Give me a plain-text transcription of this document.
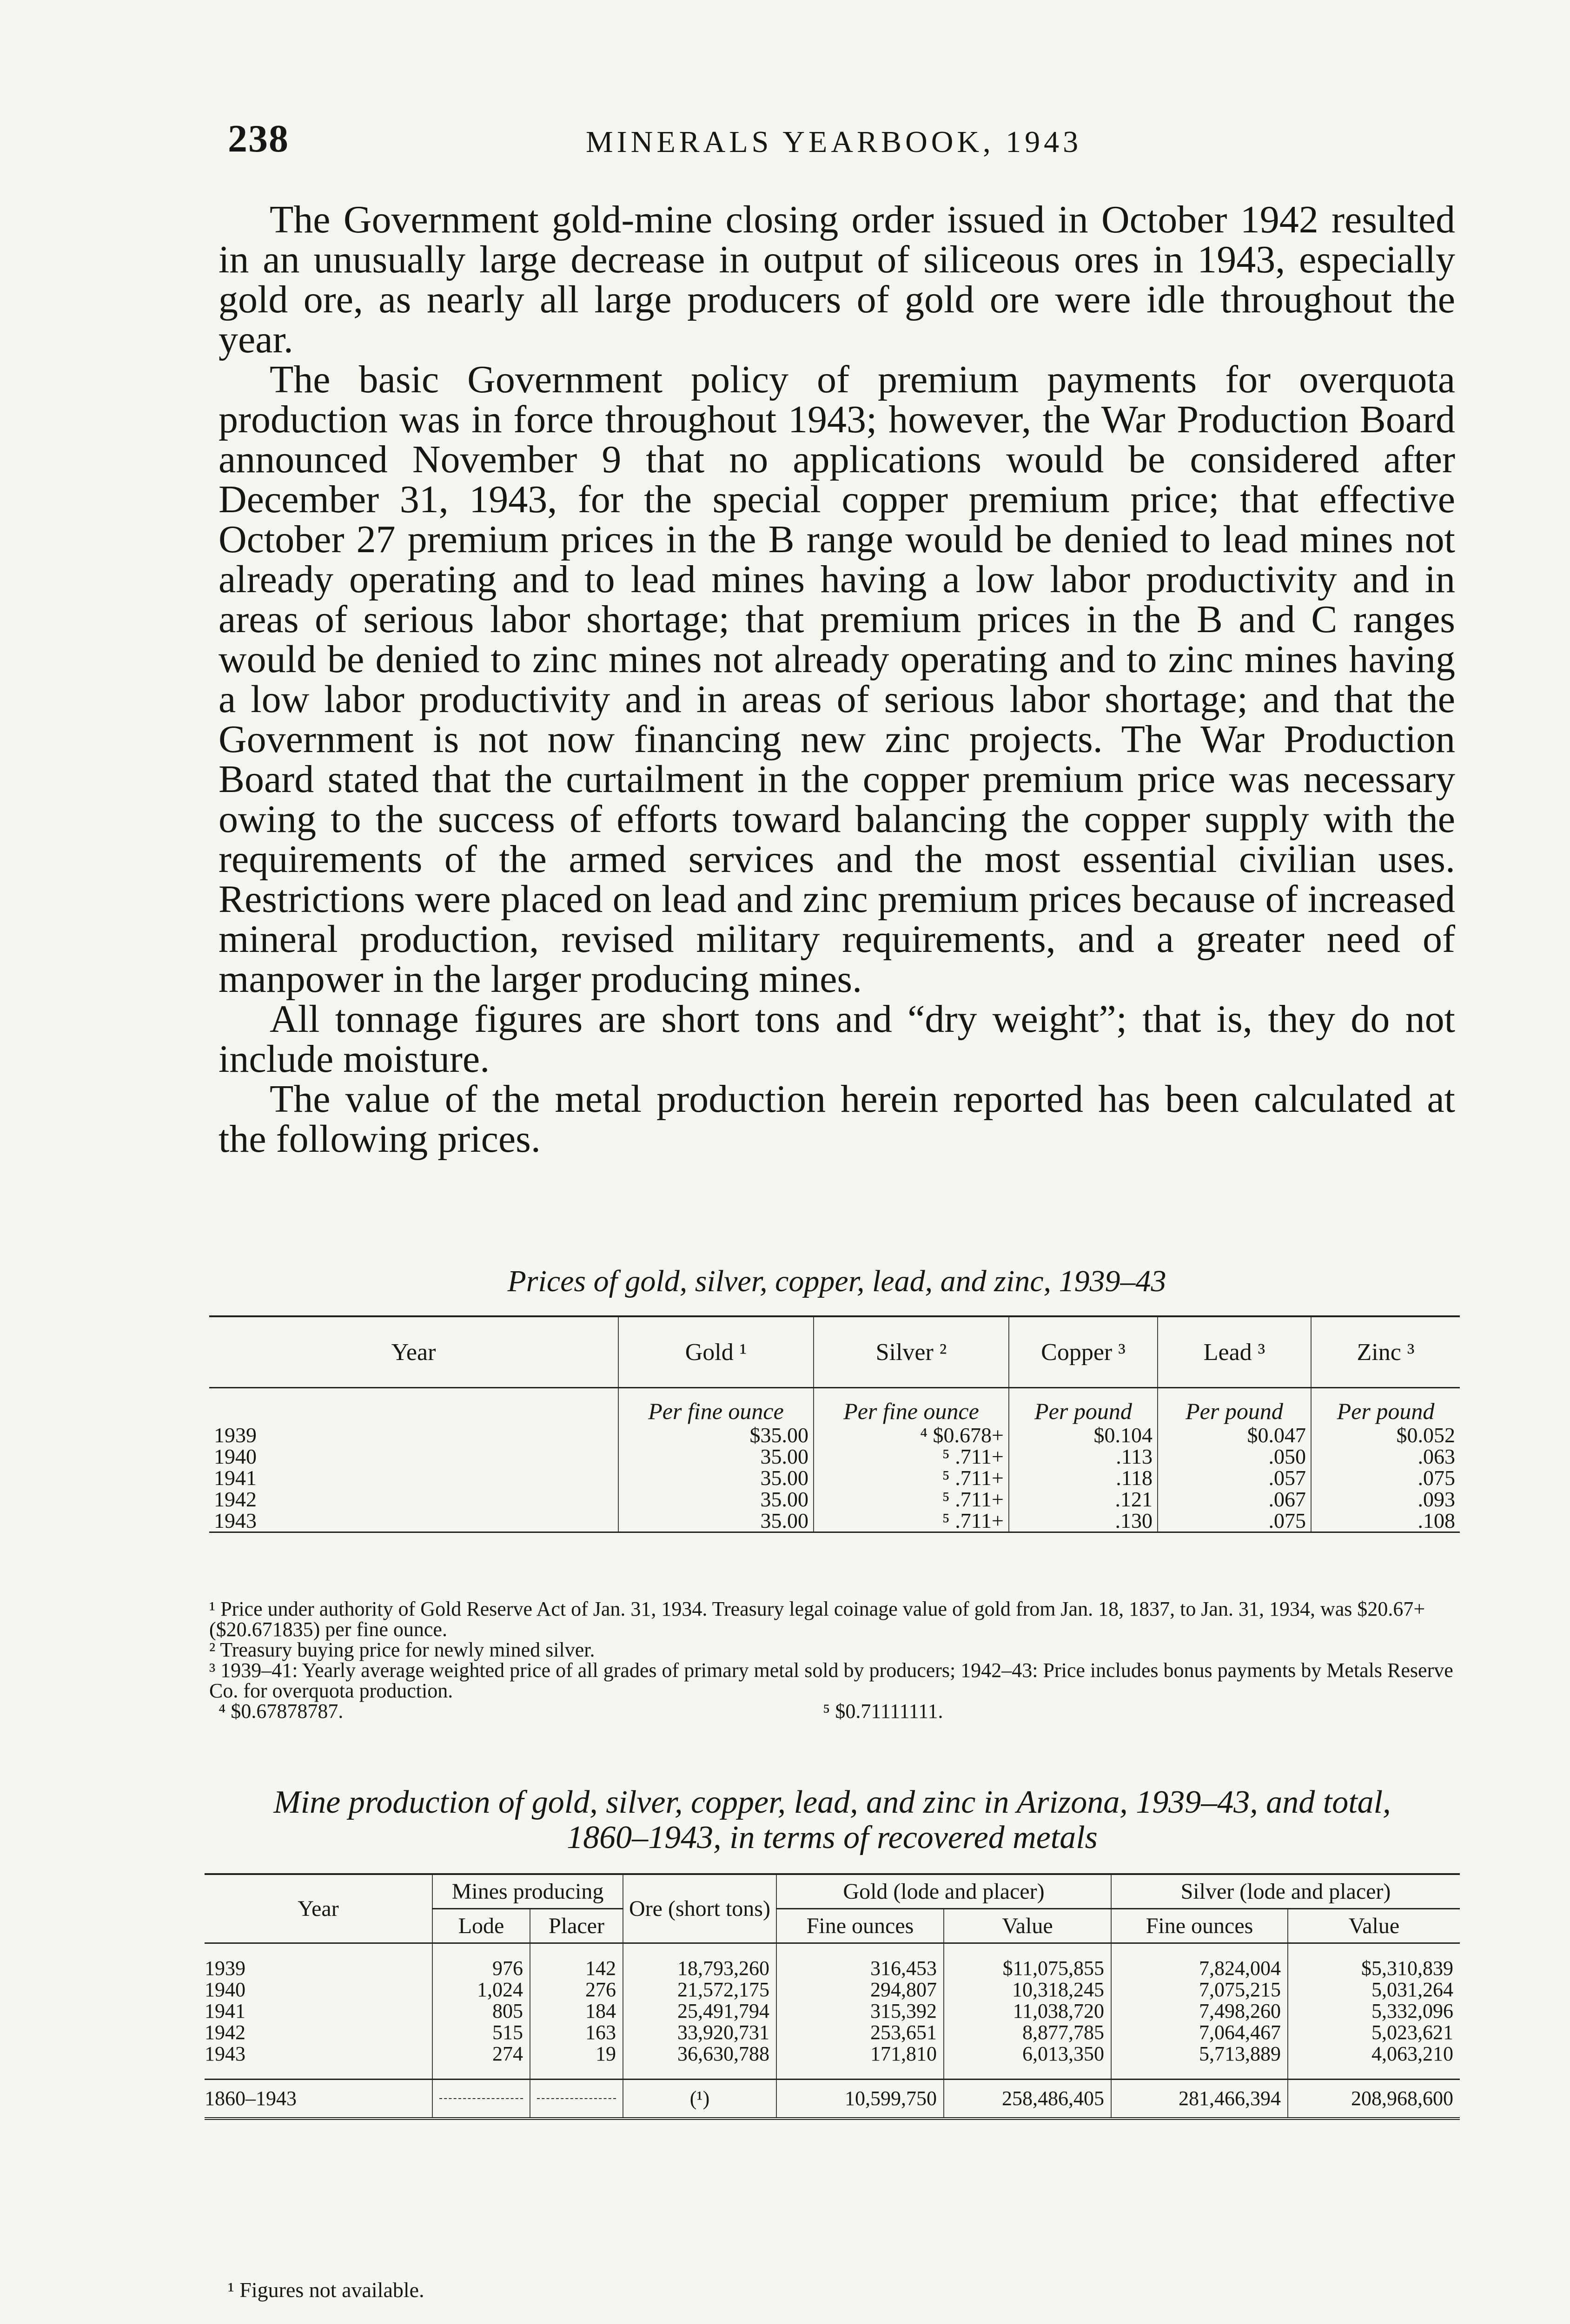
238	MINERALS YEARBOOK, 1943

The Government gold-mine closing order issued in October 1942 resulted in an unusually large decrease in output of siliceous ores in 1943, especially gold ore, as nearly all large producers of gold ore were idle throughout the year.

The basic Government policy of premium payments for overquota production was in force throughout 1943; however, the War Production Board announced November 9 that no applications would be considered after December 31, 1943, for the special copper premium price; that effective October 27 premium prices in the B range would be denied to lead mines not already operating and to lead mines having a low labor productivity and in areas of serious labor shortage; that premium prices in the B and C ranges would be denied to zinc mines not already operating and to zinc mines having a low labor productivity and in areas of serious labor shortage; and that the Government is not now financing new zinc projects. The War Production Board stated that the curtailment in the copper premium price was necessary owing to the success of efforts toward balancing the copper supply with the requirements of the armed services and the most essential civilian uses. Restrictions were placed on lead and zinc premium prices because of increased mineral production, revised military requirements, and a greater need of manpower in the larger producing mines.

All tonnage figures are short tons and “dry weight”; that is, they do not include moisture.

The value of the metal production herein reported has been calculated at the following prices.

Prices of gold, silver, copper, lead, and zinc, 1939–43
Year	Gold ¹	Silver ²	Copper ³	Lead ³	Zinc ³
	Per fine ounce	Per fine ounce	Per pound	Per pound	Per pound
1939	$35.00	⁴ $0.678+	$0.104	$0.047	$0.052
1940	35.00	⁵ .711+	.113	.050	.063
1941	35.00	⁵ .711+	.118	.057	.075
1942	35.00	⁵ .711+	.121	.067	.093
1943	35.00	⁵ .711+	.130	.075	.108

¹ Price under authority of Gold Reserve Act of Jan. 31, 1934. Treasury legal coinage value of gold from Jan. 18, 1837, to Jan. 31, 1934, was $20.67+($20.671835) per fine ounce.
² Treasury buying price for newly mined silver.
³ 1939–41: Yearly average weighted price of all grades of primary metal sold by producers; 1942–43: Price includes bonus payments by Metals Reserve Co. for overquota production.
⁴ $0.67878787.	⁵ $0.71111111.
Mine production of gold, silver, copper, lead, and zinc in Arizona, 1939–43, and total,
1860–1943, in terms of recovered metals
Year	Mines producing		Ore (short tons)	Gold (lode and placer)		Silver (lode and placer)	
	Lode	Placer		Fine ounces	Value	Fine ounces	Value

1939	976	142	18,793,260	316,453	$11,075,855	7,824,004	$5,310,839
1940	1,024	276	21,572,175	294,807	10,318,245	7,075,215	5,031,264
1941	805	184	25,491,794	315,392	11,038,720	7,498,260	5,332,096
1942	515	163	33,920,731	253,651	8,877,785	7,064,467	5,023,621
1943	274	19	36,630,788	171,810	6,013,350	5,713,889	4,063,210

1860–1943			(¹)	10,599,750	258,486,405	281,466,394	208,968,600
¹ Figures not available.
